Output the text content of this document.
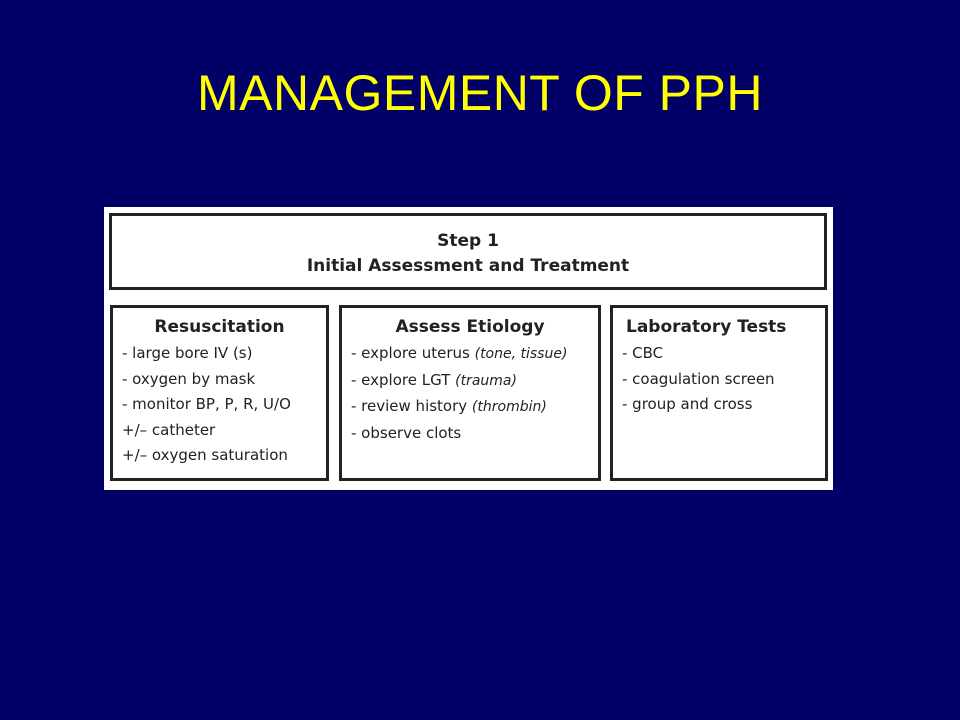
MANAGEMENT OF PPH
Step 1
Initial Assessment and Treatment
Resuscitation
- large bore IV (s)
- oxygen by mask
- monitor BP, P, R, U/O
+/– catheter
+/– oxygen saturation
Assess Etiology
- explore uterus (tone, tissue)
- explore LGT (trauma)
- review history (thrombin)
- observe clots
Laboratory Tests
- CBC
- coagulation screen
- group and cross
